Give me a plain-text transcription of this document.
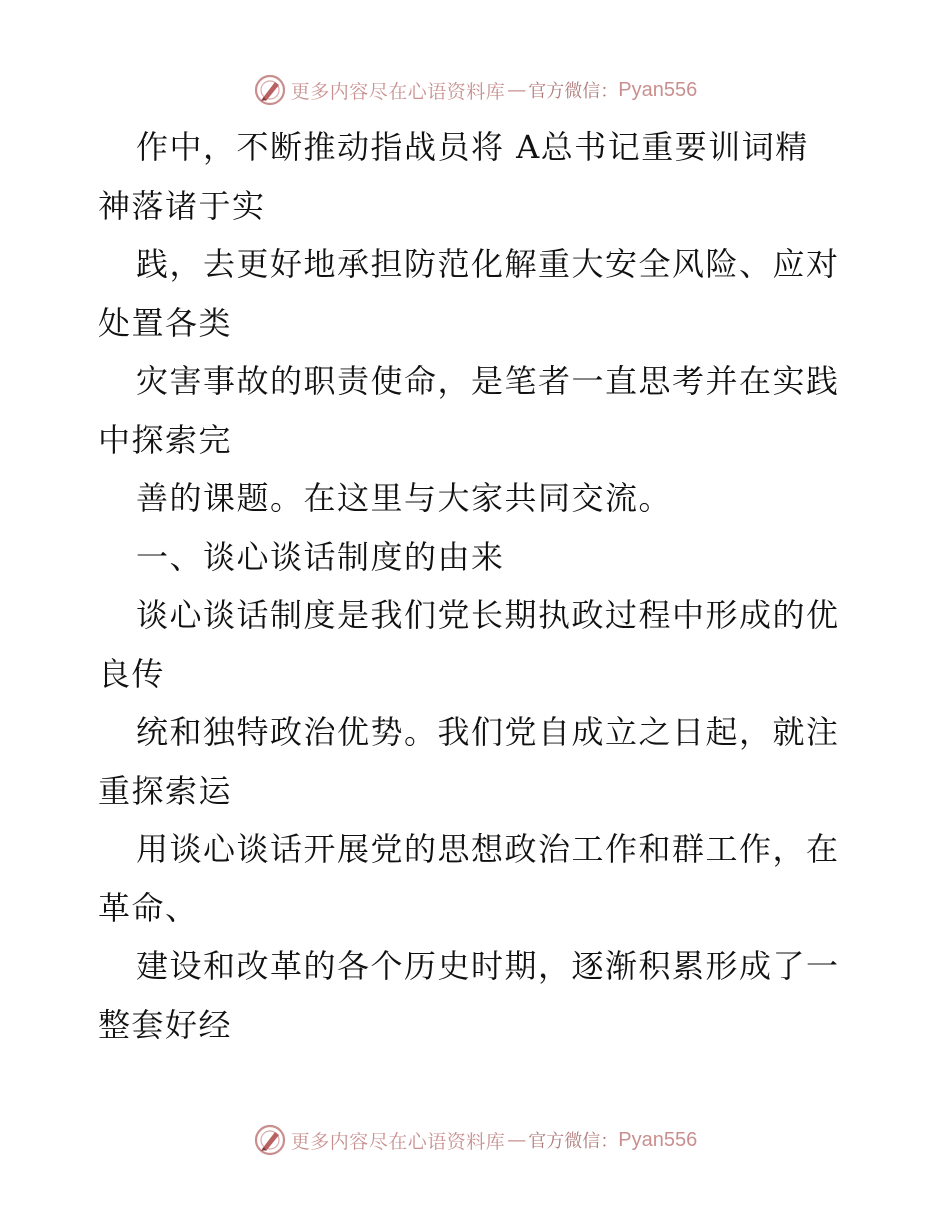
更多内容尽在心语资料库 — 官方微信： Pyan556
作中，不断推动指战员将 A总书记重要训词精
神落诸于实
践，去更好地承担防范化解重大安全风险、应对
处置各类
灾害事故的职责使命，是笔者一直思考并在实践
中探索完
善的课题。在这里与大家共同交流。
一、谈心谈话制度的由来
谈心谈话制度是我们党长期执政过程中形成的优
良传
统和独特政治优势。我们党自成立之日起，就注
重探索运
用谈心谈话开展党的思想政治工作和群工作，在
革命、
建设和改革的各个历史时期，逐渐积累形成了一
整套好经
更多内容尽在心语资料库 — 官方微信： Pyan556
